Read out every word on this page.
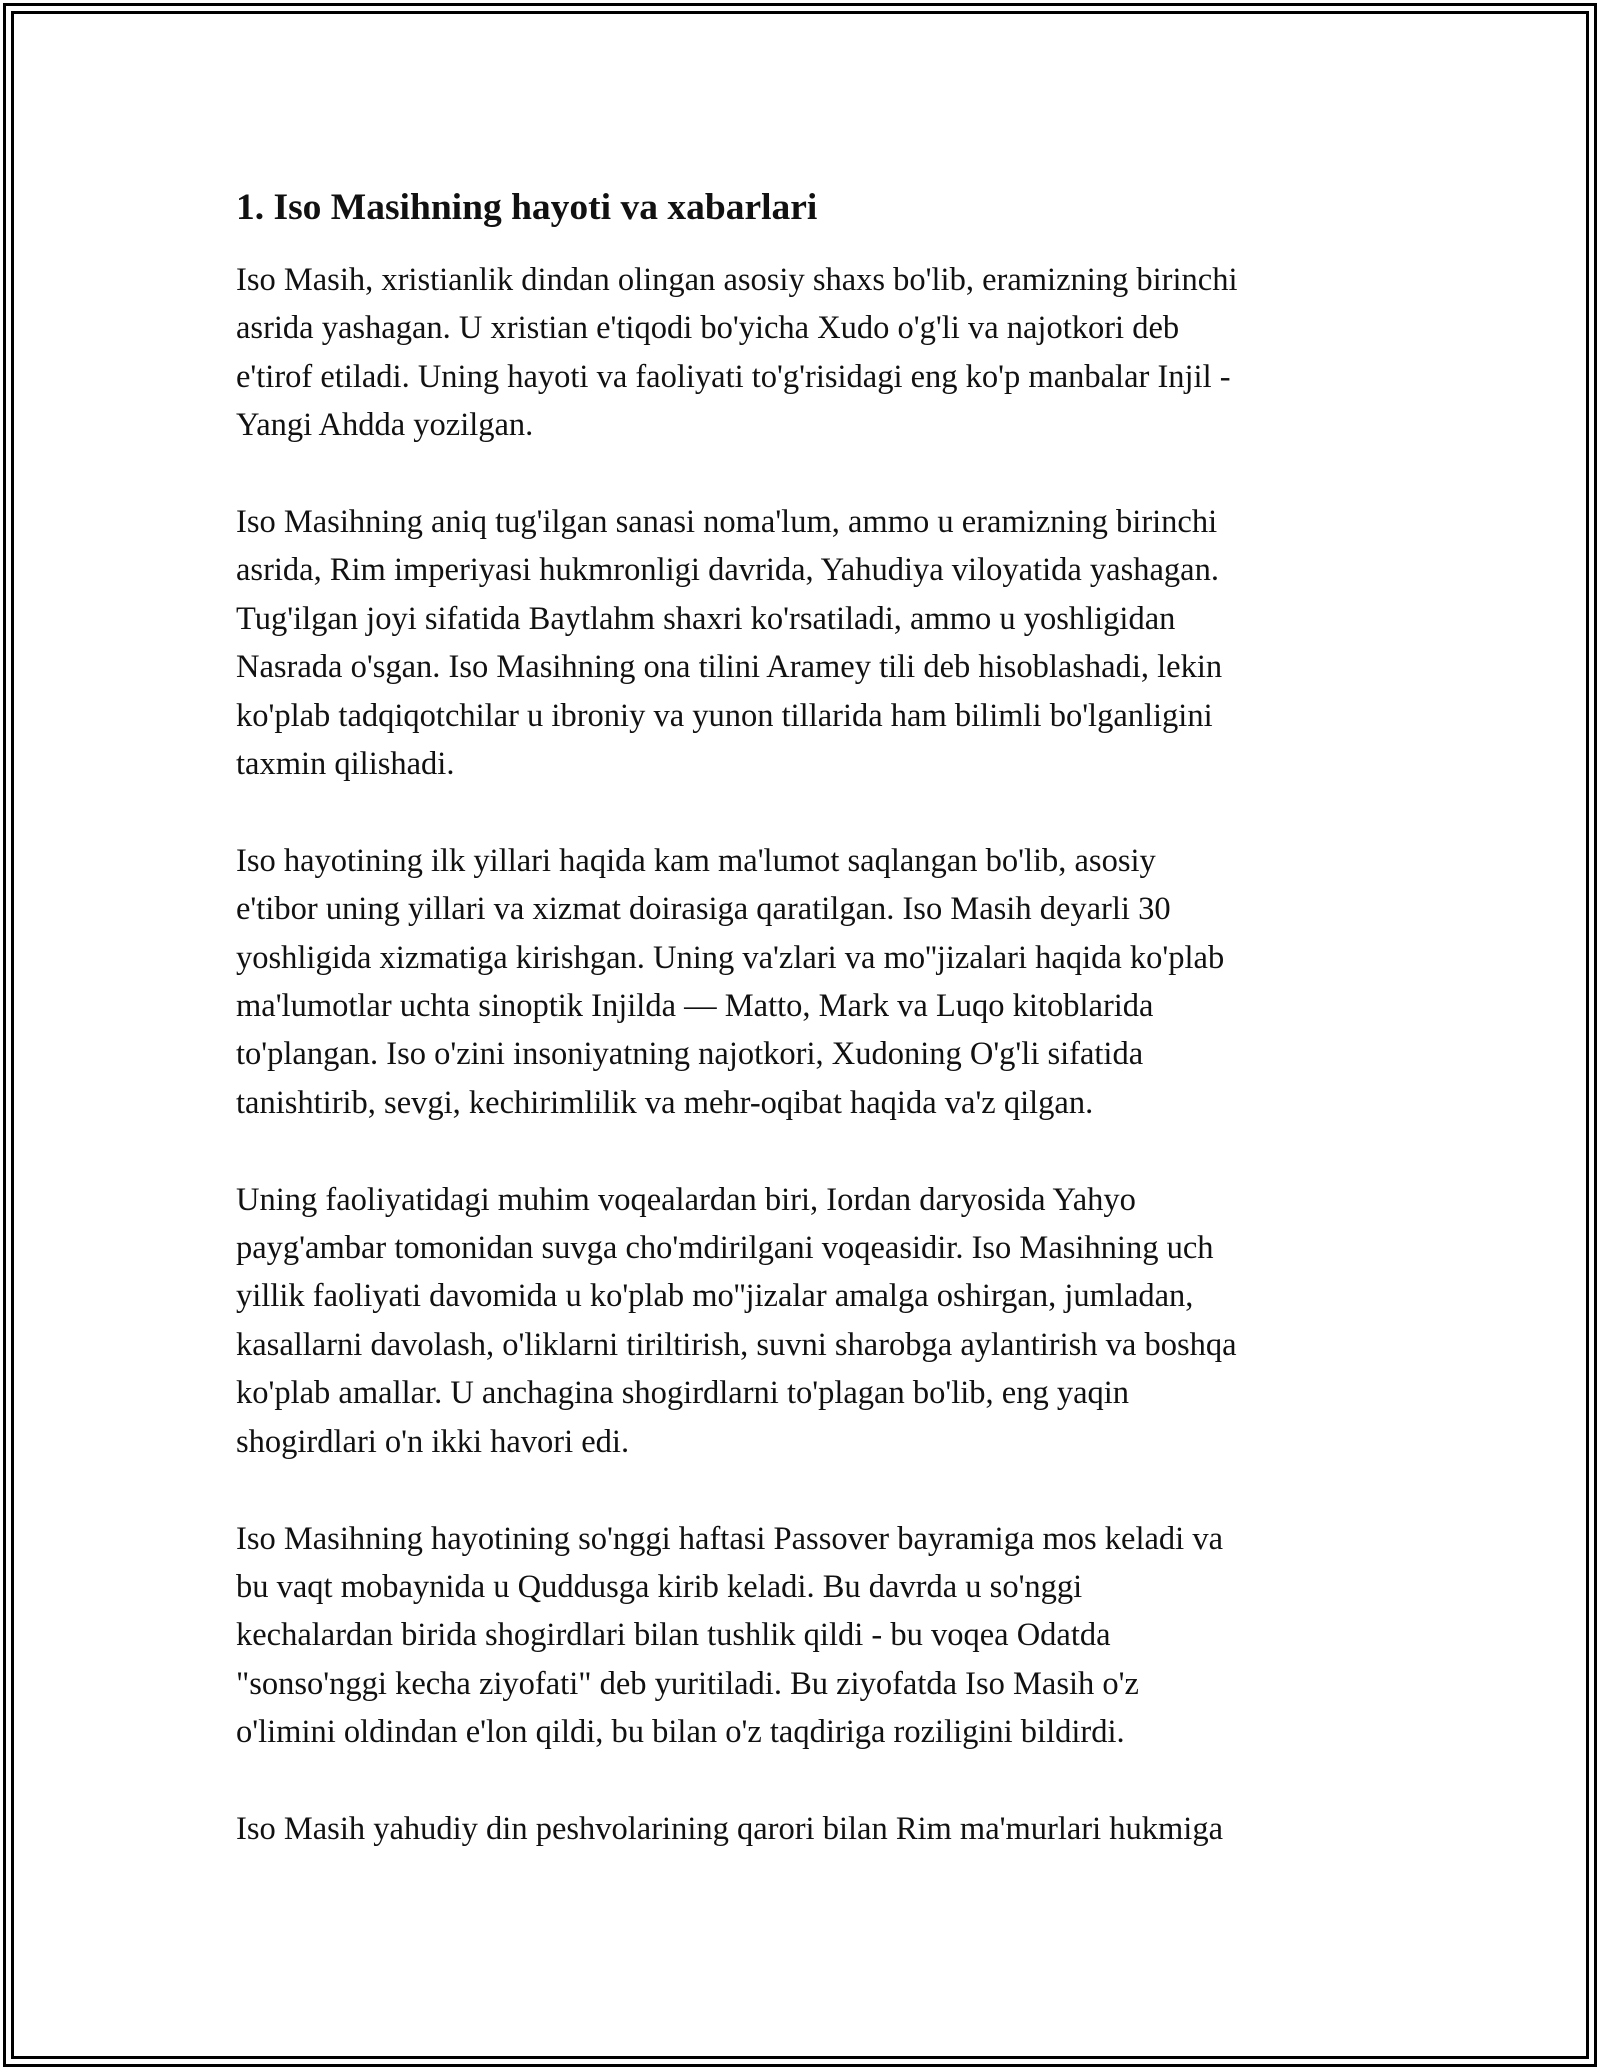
1. Iso Masihning hayoti va xabarlari

Iso Masih, xristianlik dindan olingan asosiy shaxs bo'lib, eramizning birinchi
asrida yashagan. U xristian e'tiqodi bo'yicha Xudo o'g'li va najotkori deb
e'tirof etiladi. Uning hayoti va faoliyati to'g'risidagi eng ko'p manbalar Injil -
Yangi Ahdda yozilgan.

Iso Masihning aniq tug'ilgan sanasi noma'lum, ammo u eramizning birinchi
asrida, Rim imperiyasi hukmronligi davrida, Yahudiya viloyatida yashagan.
Tug'ilgan joyi sifatida Baytlahm shaxri ko'rsatiladi, ammo u yoshligidan
Nasrada o'sgan. Iso Masihning ona tilini Aramey tili deb hisoblashadi, lekin
ko'plab tadqiqotchilar u ibroniy va yunon tillarida ham bilimli bo'lganligini
taxmin qilishadi.

Iso hayotining ilk yillari haqida kam ma'lumot saqlangan bo'lib, asosiy
e'tibor uning yillari va xizmat doirasiga qaratilgan. Iso Masih deyarli 30
yoshligida xizmatiga kirishgan. Uning va'zlari va mo''jizalari haqida ko'plab
ma'lumotlar uchta sinoptik Injilda — Matto, Mark va Luqo kitoblarida
to'plangan. Iso o'zini insoniyatning najotkori, Xudoning O'g'li sifatida
tanishtirib, sevgi, kechirimlilik va mehr-oqibat haqida va'z qilgan.

Uning faoliyatidagi muhim voqealardan biri, Iordan daryosida Yahyo
payg'ambar tomonidan suvga cho'mdirilgani voqeasidir. Iso Masihning uch
yillik faoliyati davomida u ko'plab mo''jizalar amalga oshirgan, jumladan,
kasallarni davolash, o'liklarni tiriltirish, suvni sharobga aylantirish va boshqa
ko'plab amallar. U anchagina shogirdlarni to'plagan bo'lib, eng yaqin
shogirdlari o'n ikki havori edi.

Iso Masihning hayotining so'nggi haftasi Passover bayramiga mos keladi va
bu vaqt mobaynida u Quddusga kirib keladi. Bu davrda u so'nggi
kechalardan birida shogirdlari bilan tushlik qildi - bu voqea Odatda
"sonso'nggi kecha ziyofati" deb yuritiladi. Bu ziyofatda Iso Masih o'z
o'limini oldindan e'lon qildi, bu bilan o'z taqdiriga roziligini bildirdi.

Iso Masih yahudiy din peshvolarining qarori bilan Rim ma'murlari hukmiga
